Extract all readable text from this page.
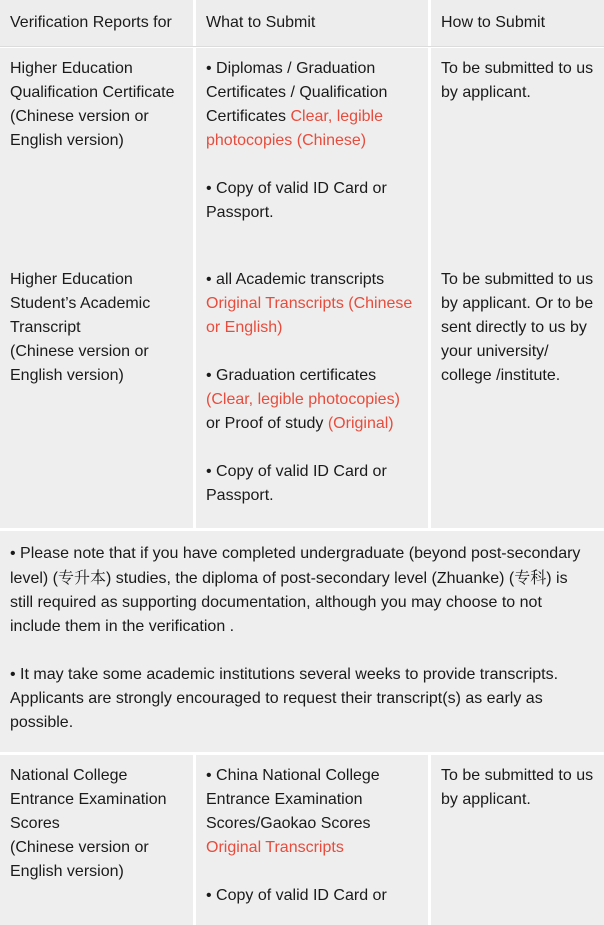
Verification Reports for	What to Submit	How to Submit

Higher Education

Qualification Certificate

(Chinese version or

English version)

• Diplomas / Graduation Certificates / Qualification Certificates Clear, legible photocopies (Chinese)

• Copy of valid ID Card or Passport.

To be submitted to us by applicant.

Higher Education

Student’s Academic

Transcript

(Chinese version or

English version)

• all Academic transcripts Original Transcripts (Chinese or English)

• Graduation certificates (Clear, legible photocopies) or Proof of study (Original)

• Copy of valid ID Card or Passport.

To be submitted to us by applicant. Or to be sent directly to us by your university/ college /institute.

• Please note that if you have completed undergraduate (beyond post-secondary level) (专升本) studies, the diploma of post-secondary level (Zhuanke) (专科) is still required as supporting documentation, although you may choose to not include them in the verification .

• It may take some academic institutions several weeks to provide transcripts. Applicants are strongly encouraged to request their transcript(s) as early as possible.

National College

Entrance Examination

Scores

(Chinese version or

English version)

• China National College Entrance Examination Scores/Gaokao Scores Original Transcripts

• Copy of valid ID Card or

To be submitted to us by applicant.
